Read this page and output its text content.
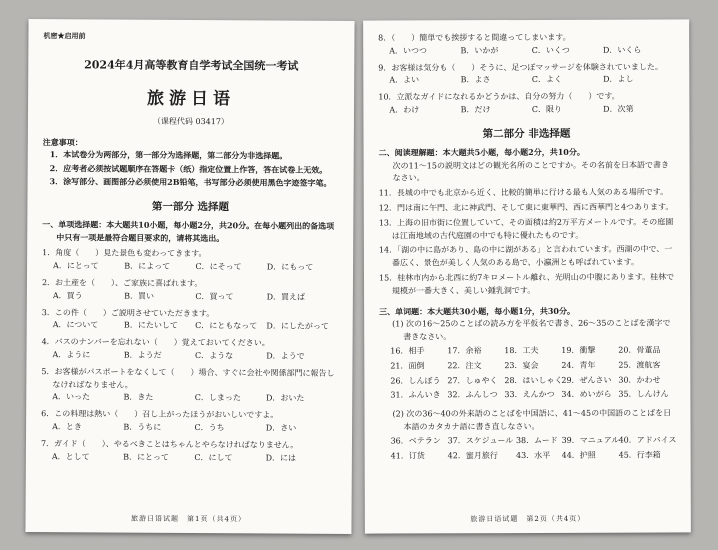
机密★启用前
2024年4月高等教育自学考试全国统一考试
旅游日语
（课程代码 03417）
注意事项：
1．本试卷分为两部分，第一部分为选择题，第二部分为非选择题。
2．应考者必须按试题顺序在答题卡（纸）指定位置上作答，答在试卷上无效。
3．涂写部分、画图部分必须使用2B铅笔，书写部分必须使用黑色字迹签字笔。
第一部分 选择题
一、单项选择题：本大题共10小题，每小题2分，共20分。在每小题列出的备选项中只有一项是最符合题目要求的，请将其选出。

1．角度（　　）見た景色も変わってきます。

A．にとって	B．によって	C．にそって	D．にもって

2．お土産を（　　）、ご家族に喜ばれます。

A．買う	B．買い	C．買って	D．買えば

3．この件（　　）ご説明させていただきます。

A．について	B．にたいして	C．にともなって	D．にしたがって

4．バスのナンバーを忘れない（　　）覚えておいてください。

A．ように	B．ようだ	C．ような	D．ようで

5．お客様がパスポートをなくして（　　）場合、すぐに会社や関係部門に報告しなければなりません。

A．いった	B．きた	C．しまった	D．おいた

6．この料理は熱い（　　）召し上がったほうがおいしいですよ。

A．とき	B．うちに	C．うち	D．さい

7．ガイド（　　）、やるべきことはちゃんとやらなければなりません。

A．として	B．にとって	C．にして	D．には
旅游日语试题　第1页（共4页）

8．（　　）簡単でも挨拶すると間違ってしまいます。

A．いつつ	B．いかが	C．いくつ	D．いくら

9．お客様は気分も（　　）そうに、足つぼマッサージを体験されていました。

A．よい	B．よさ	C．よく	D．よし

10．立派なガイドになれるかどうかは、自分の努力（　　）です。

A．わけ	B．だけ	C．限り	D．次第
第二部分 非选择题
二、阅读理解题：本大题共5小题，每小题2分，共10分。
次の11～15の説明文はどの観光名所のことですか。その名前を日本語で書きなさい。
11．長城の中でも北京から近く、比較的簡単に行ける最も人気のある場所です。
12．門は南に午門、北に神武門、そして東に東華門、西に西華門と4つあります。
13．上海の旧市街に位置していて、その面積は約2万平方メートルです。その庭園は江南地域の古代庭園の中でも特に優れたものです。
14．「湖の中に島があり、島の中に湖がある」と言われています。西湖の中で、一番広く、景色が美しく人気のある島で、小瀛洲とも呼ばれています。
15．桂林市内から北西に約7キロメートル離れ、光明山の中腹にあります。桂林で規模が一番大きく、美しい鍾乳洞です。
三、单词题：本大题共30小题，每小题1分，共30分。
(1) 次の16～25のことばの読み方を平仮名で書き、26～35のことばを漢字で書きなさい。
16．相手	17．余裕	18．工夫	19．衝撃	20．骨董品
21．面倒	22．注文	23．宴会	24．青年	25．渡航客
26．しんぼう 27．しゅやく 28．はいしゃく
29．ぜんさい 30．かわせ
31．ふんいき 32．ふんしつ 33．えんかつ 34．めいがら 35．しんけん
(2) 次の36～40の外来語のことばを中国語に、41～45の中国語のことばを日本語のカタカナ語に書き直しなさい。
36．ベテラン 37．スケジュール 38．ムード 39．マニュアル 40．アドバイス
41．订货	42．蜜月旅行	43．水平	44．护照	45．行李箱
旅游日语试题　第2页（共4页）
